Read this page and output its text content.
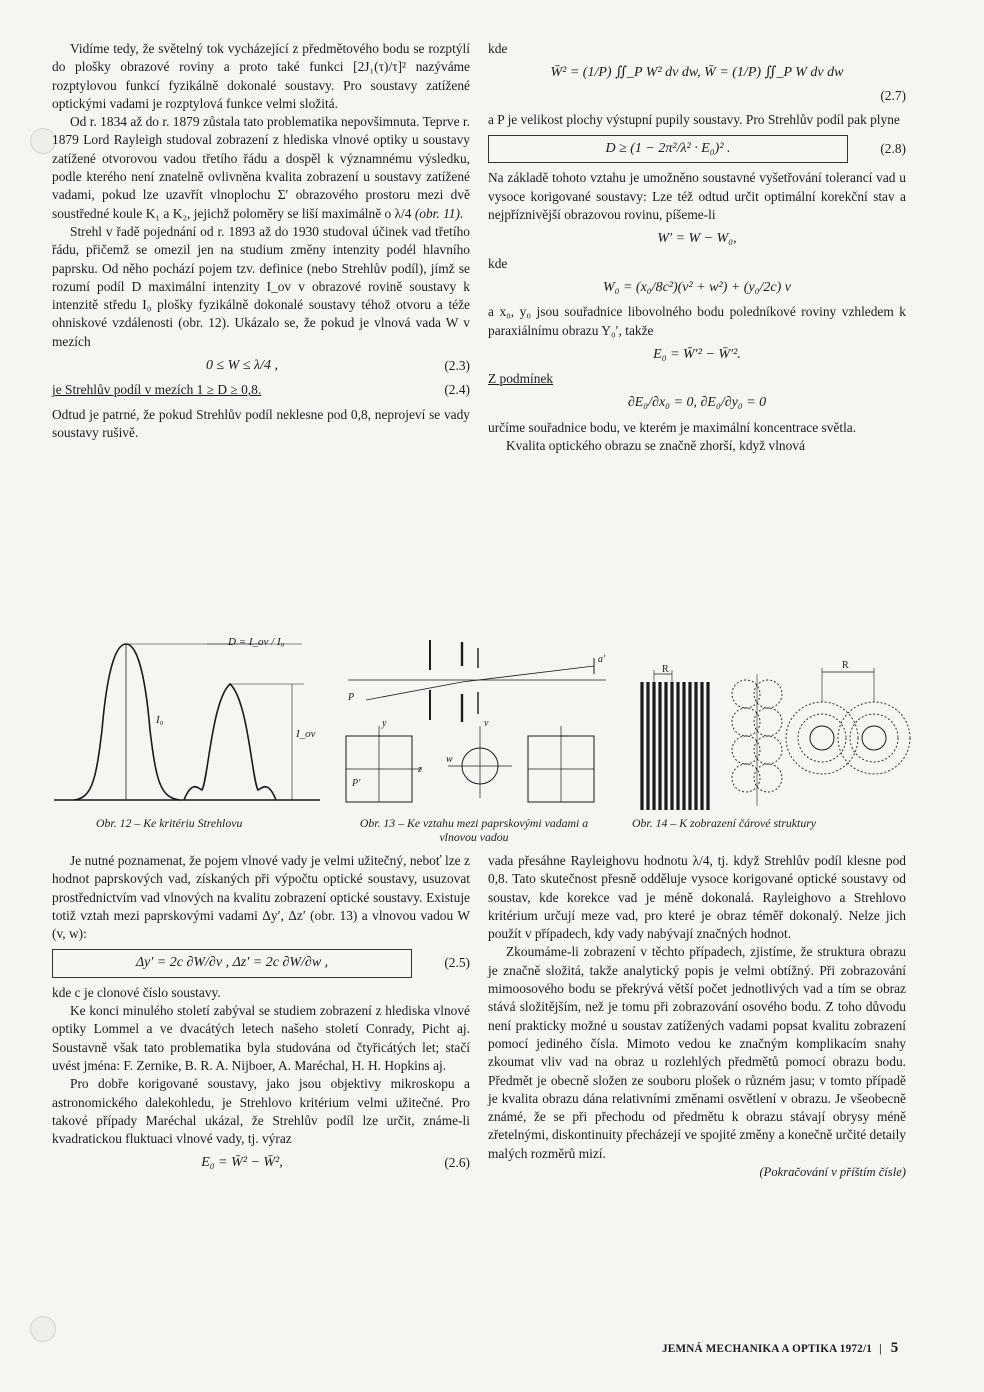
Vidíme tedy, že světelný tok vycházející z předmětového bodu se rozptýlí do plošky obrazové roviny a proto také funkci [2J₁(τ)/τ]² nazýváme rozptylovou funkcí fyzikálně dokonalé soustavy. Pro soustavy zatížené optickými vadami je rozptylová funkce velmi složitá.

Od r. 1834 až do r. 1879 zůstala tato problematika nepovšimnuta. Teprve r. 1879 Lord Rayleigh studoval zobrazení z hlediska vlnové optiky u soustavy zatížené otvorovou vadou třetího řádu a dospěl k významnému výsledku, podle kterého není znatelně ovlivněna kvalita zobrazení u soustavy zatížené vadami, pokud lze uzavřít vlnoplochu Σ′ obrazového prostoru mezi dvě soustředné koule K₁ a K₂, jejichž poloměry se liší maximálně o λ/4 (obr. 11).

Strehl v řadě pojednání od r. 1893 až do 1930 studoval účinek vad třetího řádu, přičemž se omezil jen na studium změny intenzity podél hlavního paprsku. Od něho pochází pojem tzv. definice (nebo Strehlův podíl), jímž se rozumí podíl D maximální intenzity I_ov v obrazové rovině soustavy k intenzitě středu I₀ plošky fyzikálně dokonalé soustavy téhož otvoru a téže ohniskové vzdálenosti (obr. 12). Ukázalo se, že pokud je vlnová vada W v mezích

0 ≤ W ≤ λ/4 ,	(2.3)
je Strehlův podíl v mezích 1 ≥ D ≥ 0,8.	(2.4)

Odtud je patrné, že pokud Strehlův podíl neklesne pod 0,8, neprojeví se vady soustavy rušivě.

kde

W̄² = (1/P) ∬_P W² dv dw, W̄ = (1/P) ∬_P W dv dw
(2.7)

a P je velikost plochy výstupní pupily soustavy. Pro Strehlův podíl pak plyne

D ≥ (1 − 2π²/λ² · E₀)² .	(2.8)

Na základě tohoto vztahu je umožněno soustavné vyšetřování tolerancí vad u vysoce korigované soustavy: Lze též odtud určit optimální korekční stav a nejpříznivější obrazovou rovinu, píšeme-li

W′ = W − W₀,

kde

W₀ = (x₀/8c²)(v² + w²) + (y₀/2c) v

a x₀, y₀ jsou souřadnice libovolného bodu poledníkové roviny vzhledem k paraxiálnímu obrazu Y₀′, takže

E₀ = W̄′² − W̄′².

Z podmínek

∂E₀/∂x₀ = 0, ∂E₀/∂y₀ = 0

určíme souřadnice bodu, ve kterém je maximální koncentrace světla.

Kvalita optického obrazu se značně zhorší, když vlnová

D = I_ov / I₀
I₀
I_ov
P
P′
a′
y
z
v
w
R	R
Obr. 12 – Ke kritériu Strehlovu	Obr. 13 – Ke vztahu mezi paprskovými vadami a vlnovou vadou
Obr. 14 – K zobrazení čárové struktury

Je nutné poznamenat, že pojem vlnové vady je velmi užitečný, neboť lze z hodnot paprskových vad, získaných při výpočtu optické soustavy, usuzovat prostřednictvím vad vlnových na kvalitu zobrazení optické soustavy. Existuje totiž vztah mezi paprskovými vadami Δy′, Δz′ (obr. 13) a vlnovou vadou W (v, w):

Δy′ = 2c ∂W/∂v , Δz′ = 2c ∂W/∂w ,	(2.5)

kde c je clonové číslo soustavy.

Ke konci minulého století zabýval se studiem zobrazení z hlediska vlnové optiky Lommel a ve dvacátých letech našeho století Conrady, Picht aj. Soustavně však tato problematika byla studována od čtyřicátých let; stačí uvést jména: F. Zernike, B. R. A. Nijboer, A. Maréchal, H. H. Hopkins aj.

Pro dobře korigované soustavy, jako jsou objektivy mikroskopu a astronomického dalekohledu, je Strehlovo kritérium velmi užitečné. Pro takové případy Maréchal ukázal, že Strehlův podíl lze určit, známe-li kvadratickou fluktuaci vlnové vady, tj. výraz

E₀ = W̄² − W̄²,	(2.6)

vada přesáhne Rayleighovu hodnotu λ/4, tj. když Strehlův podíl klesne pod 0,8. Tato skutečnost přesně odděluje vysoce korigované optické soustavy od soustav, kde korekce vad je méně dokonalá. Rayleighovo a Strehlovo kritérium určují meze vad, pro které je obraz téměř dokonalý. Nelze jich použít v případech, kdy vady nabývají značných hodnot.

Zkoumáme-li zobrazení v těchto případech, zjistíme, že struktura obrazu je značně složitá, takže analytický popis je velmi obtížný. Při zobrazování mimoosového bodu se překrývá větší počet jednotlivých vad a tím se obraz stává složitějším, než je tomu při zobrazování osového bodu. Z toho důvodu není prakticky možné u soustav zatížených vadami popsat kvalitu zobrazení pomocí jediného čísla. Mimoto vedou ke značným komplikacím snahy zkoumat vliv vad na obraz u rozlehlých předmětů pomocí obrazu bodu. Předmět je obecně složen ze souboru plošek o různém jasu; v tomto případě je kvalita obrazu dána relativními změnami osvětlení v obrazu. Je všeobecně známé, že se při přechodu od předmětu k obrazu stávají obrysy méně zřetelnými, diskontinuity přecházejí ve spojité změny a konečně určité detaily malých rozměrů mizí.

(Pokračování v příštím čísle)

JEMNÁ MECHANIKA A OPTIKA 1972/1 | 5
